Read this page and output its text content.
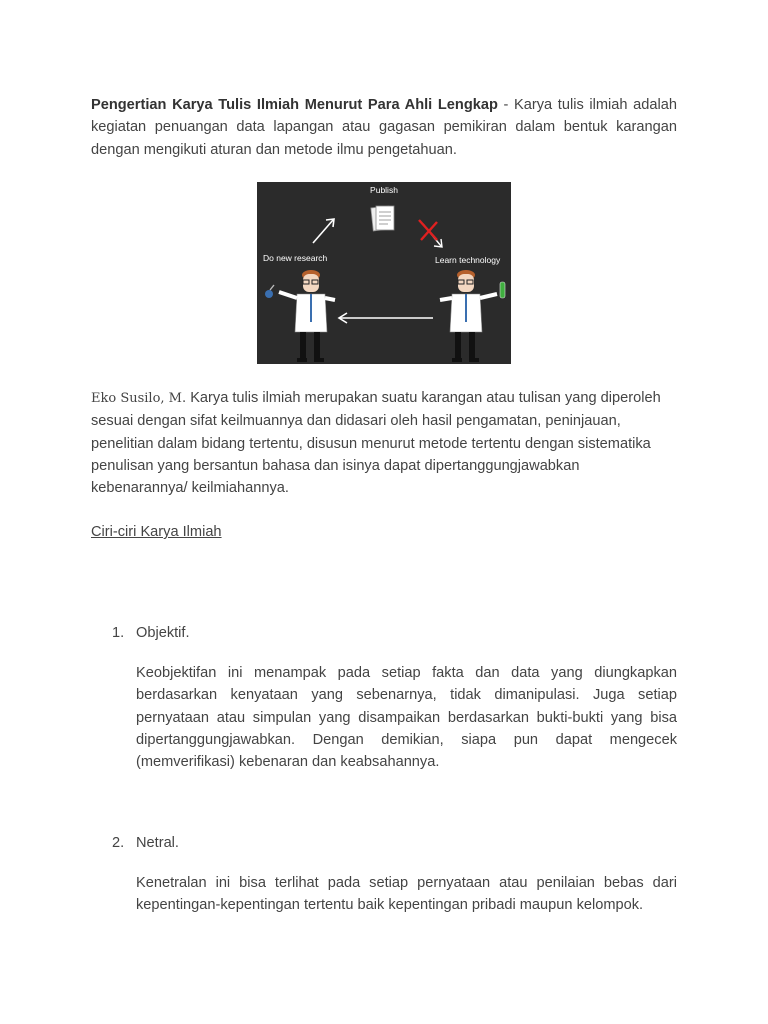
Pengertian Karya Tulis Ilmiah Menurut Para Ahli Lengkap - Karya tulis ilmiah adalah kegiatan penuangan data lapangan atau gagasan pemikiran dalam bentuk karangan dengan mengikuti aturan dan metode ilmu pengetahuan.

Publish
Do new research	Learn technology

Eko Susilo, M. Karya tulis ilmiah merupakan suatu karangan atau tulisan yang diperoleh sesuai dengan sifat keilmuannya dan didasari oleh hasil pengamatan, peninjauan, penelitian dalam bidang tertentu, disusun menurut metode tertentu dengan sistematika penulisan yang bersantun bahasa dan isinya dapat dipertanggungjawabkan kebenarannya/ keilmiahannya.

Ciri-ciri Karya Ilmiah
1. Objektif.

Keobjektifan ini menampak pada setiap fakta dan data yang diungkapkan berdasarkan kenyataan yang sebenarnya, tidak dimanipulasi. Juga setiap pernyataan atau simpulan yang disampaikan berdasarkan bukti-bukti yang bisa dipertanggungjawabkan. Dengan demikian, siapa pun dapat mengecek (memverifikasi) kebenaran dan keabsahannya.

2. Netral.

Kenetralan ini bisa terlihat pada setiap pernyataan atau penilaian bebas dari kepentingan-kepentingan tertentu baik kepentingan pribadi maupun kelompok.
